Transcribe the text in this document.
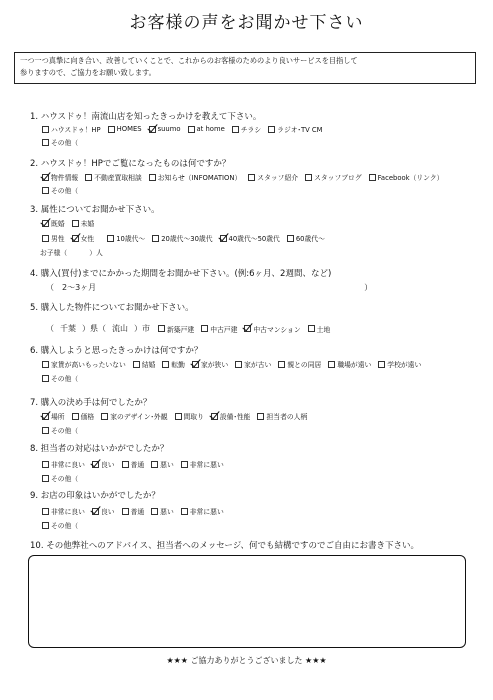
お客様の声をお聞かせ下さい
一つ一つ真摯に向き合い、改善していくことで、これからのお客様のためのより良いサービスを目指して
参りますので、ご協力をお願い致します。
1. ハウスドゥ！南流山店を知ったきっかけを教えて下さい。
ハウスドゥ！HP HOMES suumo at home チラシ ラジオ･TV CM
その他（
2. ハウスドゥ！HPでご覧になったものは何ですか？
物件情報 不動産買取相談 お知らせ（INFOMATION） スタッフ紹介 スタッフブログ Facebook（リンク）
その他（
3. 属性についてお聞かせ下さい。
既婚 未婚
男性 女性	10歳代～ 20歳代～30歳代 40歳代～50歳代 60歳代～
お子様（	）人
4. 購入(買付)までにかかった期間をお聞かせ下さい。(例:6ヶ月、2週間、など)
（ 2～3ヶ月	）
5. 購入した物件についてお聞かせ下さい。
（ 千葉 ）県（ 流山 ）市	新築戸建 中古戸建 中古マンション 土地
6. 購入しようと思ったきっかけは何ですか？
家賃が高いもったいない 結婚 転勤 家が狭い 家が古い 親との同居 職場が遠い 学校が遠い
その他（
7. 購入の決め手は何でしたか？
場所 価格 家のデザイン･外観 間取り 設備･性能 担当者の人柄
その他（
8. 担当者の対応はいかがでしたか？
非常に良い 良い 普通 悪い 非常に悪い
その他（
9. お店の印象はいかがでしたか？
非常に良い 良い 普通 悪い 非常に悪い
その他（
10. その他弊社へのアドバイス、担当者へのメッセージ、何でも結構ですのでご自由にお書き下さい。
★★★ ご協力ありがとうございました ★★★
